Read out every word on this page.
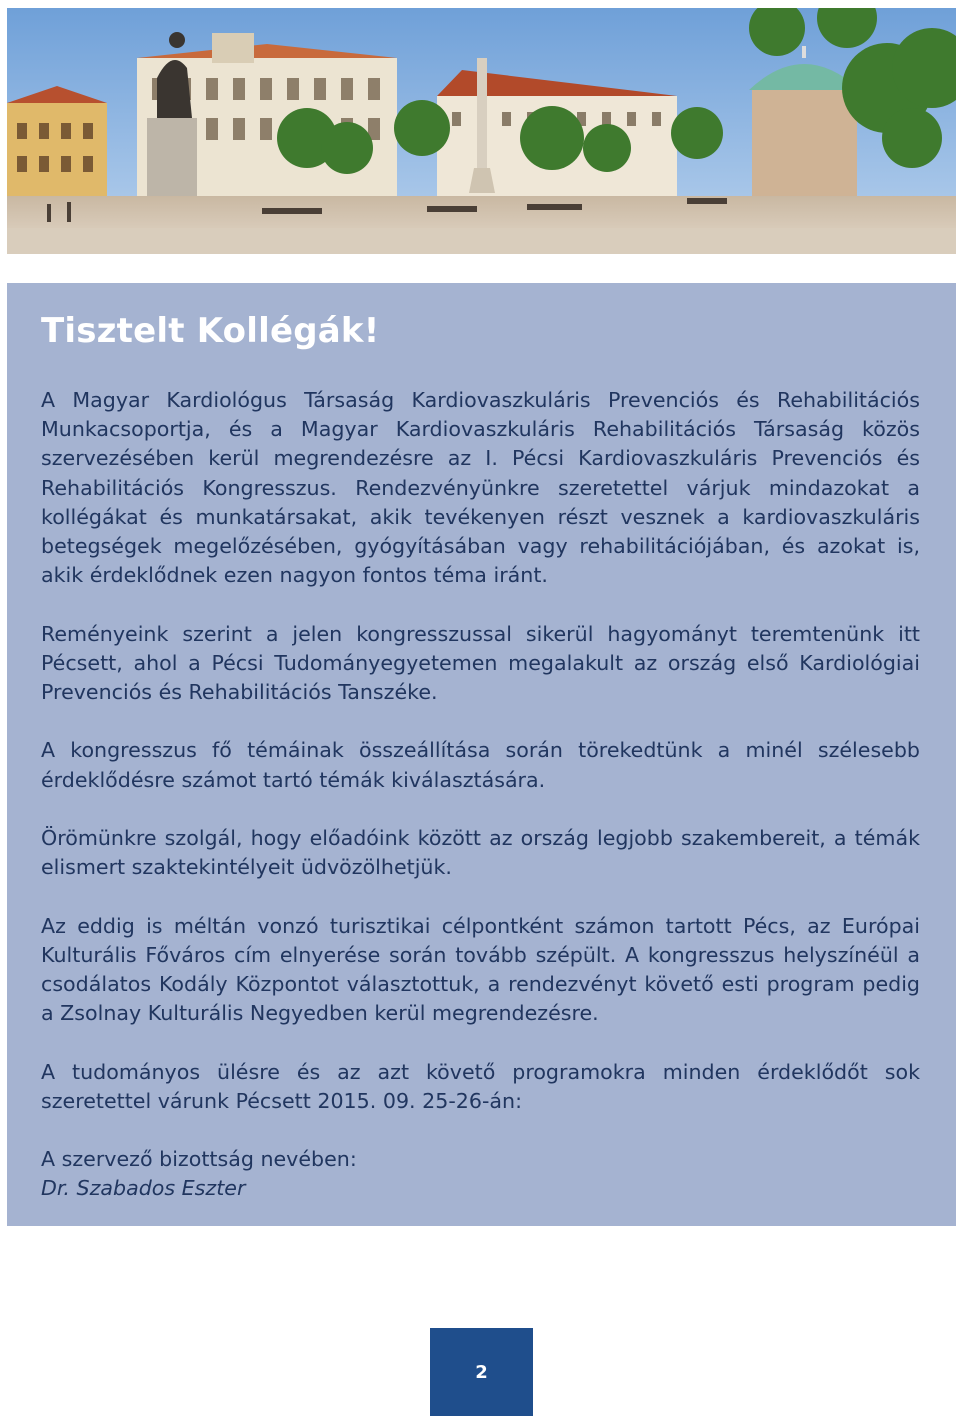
Tisztelt Kollégák!

A Magyar Kardiológus Társaság Kardiovaszkuláris Prevenciós és Rehabilitációs Munkacsoportja, és a Magyar Kardiovaszkuláris Rehabilitációs Társaság közös szervezésében kerül megrendezésre az I. Pécsi Kardiovaszkuláris Prevenciós és Rehabilitációs Kongresszus. Rendezvényünkre szeretettel várjuk mindazokat a kollégákat és munkatársakat, akik tevékenyen részt vesznek a kardiovaszkuláris betegségek megelőzésében, gyógyításában vagy rehabilitációjában, és azokat is, akik érdeklődnek ezen nagyon fontos téma iránt.

Reményeink szerint a jelen kongresszussal sikerül hagyományt teremtenünk itt Pécsett, ahol a Pécsi Tudományegyetemen megalakult az ország első Kardiológiai Prevenciós és Rehabilitációs Tanszéke.

A kongresszus fő témáinak összeállítása során törekedtünk a minél szélesebb érdeklődésre számot tartó témák kiválasztására.

Örömünkre szolgál, hogy előadóink között az ország legjobb szakembereit, a témák elismert szaktekintélyeit üdvözölhetjük.

Az eddig is méltán vonzó turisztikai célpontként számon tartott Pécs, az Európai Kulturális Főváros cím elnyerése során tovább szépült. A kongresszus helyszínéül a csodálatos Kodály Központot választottuk, a rendezvényt követő esti program pedig a Zsolnay Kulturális Negyedben kerül megrendezésre.

A tudományos ülésre és az azt követő programokra minden érdeklődőt sok szeretettel várunk Pécsett 2015. 09. 25-26-án:

A szervező bizottság nevében:

Dr. Szabados Eszter

2
